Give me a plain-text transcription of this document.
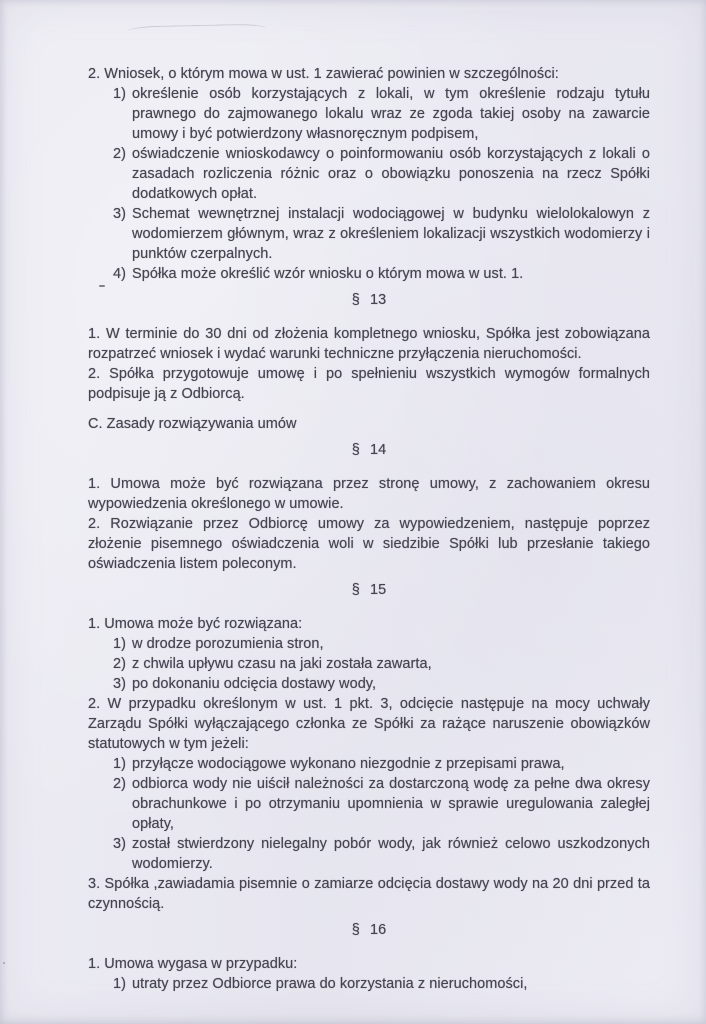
2. Wniosek, o którym mowa w ust. 1 zawierać powinien w szczególności:
1) określenie osób korzystających z lokali, w tym określenie rodzaju tytułu prawnego do zajmowanego lokalu wraz ze zgoda takiej osoby na zawarcie umowy i być potwierdzony własnoręcznym podpisem,
2) oświadczenie wnioskodawcy o poinformowaniu osób korzystających z lokali o zasadach rozliczenia różnic oraz o obowiązku ponoszenia na rzecz Spółki dodatkowych opłat.
3) Schemat wewnętrznej instalacji wodociągowej w budynku wielolokalowyn z wodomierzem głównym, wraz z określeniem lokalizacji wszystkich wodomierzy i punktów czerpalnych.
4) Spółka może określić wzór wniosku o którym mowa w ust. 1.
§ 13
1. W terminie do 30 dni od złożenia kompletnego wniosku, Spółka jest zobowiązana rozpatrzeć wniosek i wydać warunki techniczne przyłączenia nieruchomości.
2. Spółka przygotowuje umowę i po spełnieniu wszystkich wymogów formalnych podpisuje ją z Odbiorcą.
C. Zasady rozwiązywania umów
§ 14
1. Umowa może być rozwiązana przez stronę umowy, z zachowaniem okresu wypowiedzenia określonego w umowie.
2. Rozwiązanie przez Odbiorcę umowy za wypowiedzeniem, następuje poprzez złożenie pisemnego oświadczenia woli w siedzibie Spółki lub przesłanie takiego oświadczenia listem poleconym.
§ 15
1. Umowa może być rozwiązana:
1) w drodze porozumienia stron,
2) z chwila upływu czasu na jaki została zawarta,
3) po dokonaniu odcięcia dostawy wody,
2. W przypadku określonym w ust. 1 pkt. 3, odcięcie następuje na mocy uchwały Zarządu Spółki wyłączającego członka ze Spółki za rażące naruszenie obowiązków statutowych w tym jeżeli:
1) przyłącze wodociągowe wykonano niezgodnie z przepisami prawa,
2) odbiorca wody nie uiścił należności za dostarczoną wodę za pełne dwa okresy obrachunkowe i po otrzymaniu upomnienia w sprawie uregulowania zaległej opłaty,
3) został stwierdzony nielegalny pobór wody, jak również celowo uszkodzonych wodomierzy.
3. Spółka ,zawiadamia pisemnie o zamiarze odcięcia dostawy wody na 20 dni przed ta czynnością.
§ 16
1. Umowa wygasa w przypadku:
1) utraty przez Odbiorce prawa do korzystania z nieruchomości,
